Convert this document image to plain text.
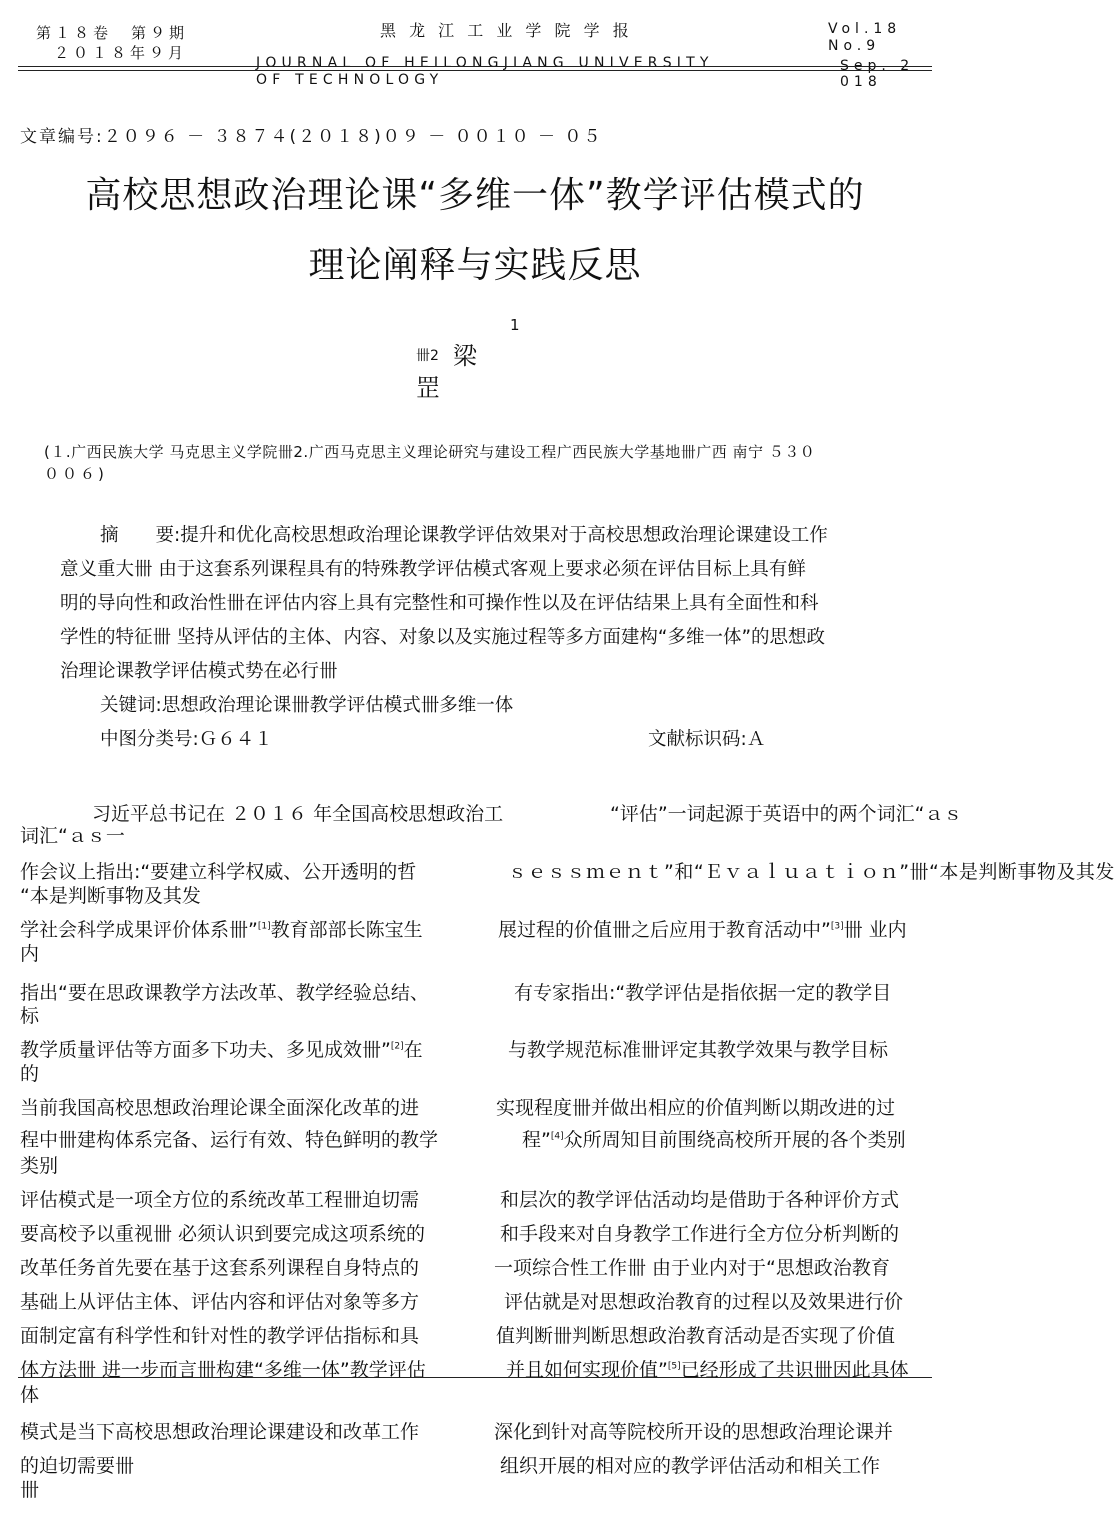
第１８卷　第９期
２０１８年９月
黑 龙 江 工 业 学 院 学 报
JOURNAL OF HEILONGJIANG UNIVERSITY
OF TECHNOLOGY
Vol.18
No.9
Sep. 2
018
文章编号:２０９６ － ３８７４(２０１８)０９ － ００１０ － ０５
高校思想政治理论课“多维一体”教学评估模式的
理论阐释与实践反思
1
梁
卌2
罡
(１.广西民族大学 马克思主义学院卌2.广西马克思主义理论研究与建设工程广西民族大学基地卌广西 南宁 ５３０
００６)
摘　　要:提升和优化高校思想政治理论课教学评估效果对于高校思想政治理论课建设工作
意义重大卌 由于这套系列课程具有的特殊教学评估模式客观上要求必须在评估目标上具有鲜
明的导向性和政治性卌在评估内容上具有完整性和可操作性以及在评估结果上具有全面性和科
学性的特征卌 坚持从评估的主体、内容、对象以及实施过程等多方面建构“多维一体”的思想政
治理论课教学评估模式势在必行卌
关键词:思想政治理论课卌教学评估模式卌多维一体
中图分类号:Ｇ６４１	文献标识码:Ａ
习近平总书记在 ２０１６ 年全国高校思想政治工
词汇“ａｓ一
作会议上指出:“要建立科学权威、公开透明的哲
“本是判断事物及其发
学社会科学成果评价体系卌”[1]教育部部长陈宝生
内
指出“要在思政课教学方法改革、教学经验总结、
标
教学质量评估等方面多下功夫、多见成效卌”[2]在
的
当前我国高校思想政治理论课全面深化改革的进
程中卌建构体系完备、运行有效、特色鲜明的教学
类别
评估模式是一项全方位的系统改革工程卌迫切需
要高校予以重视卌 必须认识到要完成这项系统的
改革任务首先要在基于这套系列课程自身特点的
基础上从评估主体、评估内容和评估对象等多方
面制定富有科学性和针对性的教学评估指标和具
体方法卌 进一步而言卌构建“多维一体”教学评估
体
模式是当下高校思想政治理论课建设和改革工作
的迫切需要卌
卌
“评估”一词起源于英语中的两个词汇“ａｓ
ｓｅｓｓｍｅｎｔ”和“Ｅｖａｌｕａｔｉｏｎ”卌“本是判断事物及其发
展过程的价值卌之后应用于教育活动中”[3]卌 业内
有专家指出:“教学评估是指依据一定的教学目
与教学规范标准卌评定其教学效果与教学目标
实现程度卌并做出相应的价值判断以期改进的过
程”[4]众所周知目前围绕高校所开展的各个类别
和层次的教学评估活动均是借助于各种评价方式
和手段来对自身教学工作进行全方位分析判断的
一项综合性工作卌 由于业内对于“思想政治教育
评估就是对思想政治教育的过程以及效果进行价
值判断卌判断思想政治教育活动是否实现了价值
并且如何实现价值”[5]已经形成了共识卌因此具体
深化到针对高等院校所开设的思想政治理论课并
组织开展的相对应的教学评估活动和相关工作
